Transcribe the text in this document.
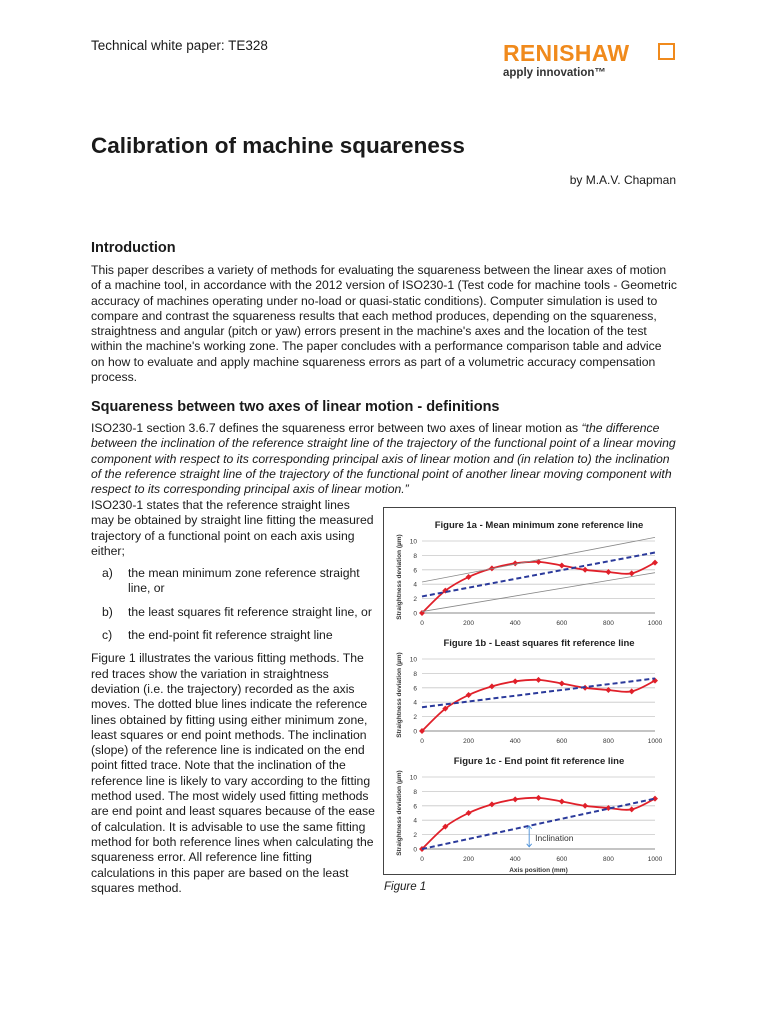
Technical white paper: TE328	RENISHAW
apply innovation™
Calibration of machine squareness
by M.A.V. Chapman
Introduction

This paper describes a variety of methods for evaluating the squareness between the linear axes of motion of a machine tool, in accordance with the 2012 version of ISO230-1 (Test code for machine tools - Geometric accuracy of machines operating under no-load or quasi-static conditions). Computer simulation is used to compare and contrast the squareness results that each method produces, depending on the squareness, straightness and angular (pitch or yaw) errors present in the machine's axes and the location of the test within the machine's working zone. The paper concludes with a performance comparison table and advice on how to evaluate and apply machine squareness errors as part of a volumetric accuracy compensation process.

Squareness between two axes of linear motion - definitions

ISO230-1 section 3.6.7 defines the squareness error between two axes of linear motion as “the difference between the inclination of the reference straight line of the trajectory of the functional point of a linear moving component with respect to its corresponding principal axis of linear motion and (in relation to) the inclination of the reference straight line of the trajectory of the functional point of another linear moving component with respect to its corresponding principal axis of linear motion.”

ISO230-1 states that the reference straight lines may be obtained by straight line fitting the measured trajectory of a functional point on each axis using either;

a) the mean minimum zone reference straight line, or
b) the least squares fit reference straight line, or
c) the end-point fit reference straight line

Figure 1 illustrates the various fitting methods. The red traces show the variation in straightness deviation (i.e. the trajectory) recorded as the axis moves. The dotted blue lines indicate the reference lines obtained by fitting using either minimum zone, least squares or end point methods. The inclination (slope) of the reference line is indicated on the end point fitted trace. Note that the inclination of the reference line is likely to vary according to the fitting method used. The most widely used fitting methods are end point and least squares because of the ease of calculation. It is advisable to use the same fitting method for both reference lines when calculating the squareness error. All reference line fitting calculations in this paper are based on the least squares method.

Figure 1a - Mean minimum zone reference line
Straightness deviation (µm) 0
2
4
6
8
10
0	200	400	600	800	1000
Figure 1b - Least squares fit reference line
Straightness deviation (µm) 0
2
4
6
8
10
0	200	400	600	800	1000
Figure 1c - End point fit reference line
Straightness deviation (µm) 0
2
4
6
8
10
0	200	400	600	800	1000
Axis position (mm)
Inclination
Figure 1
